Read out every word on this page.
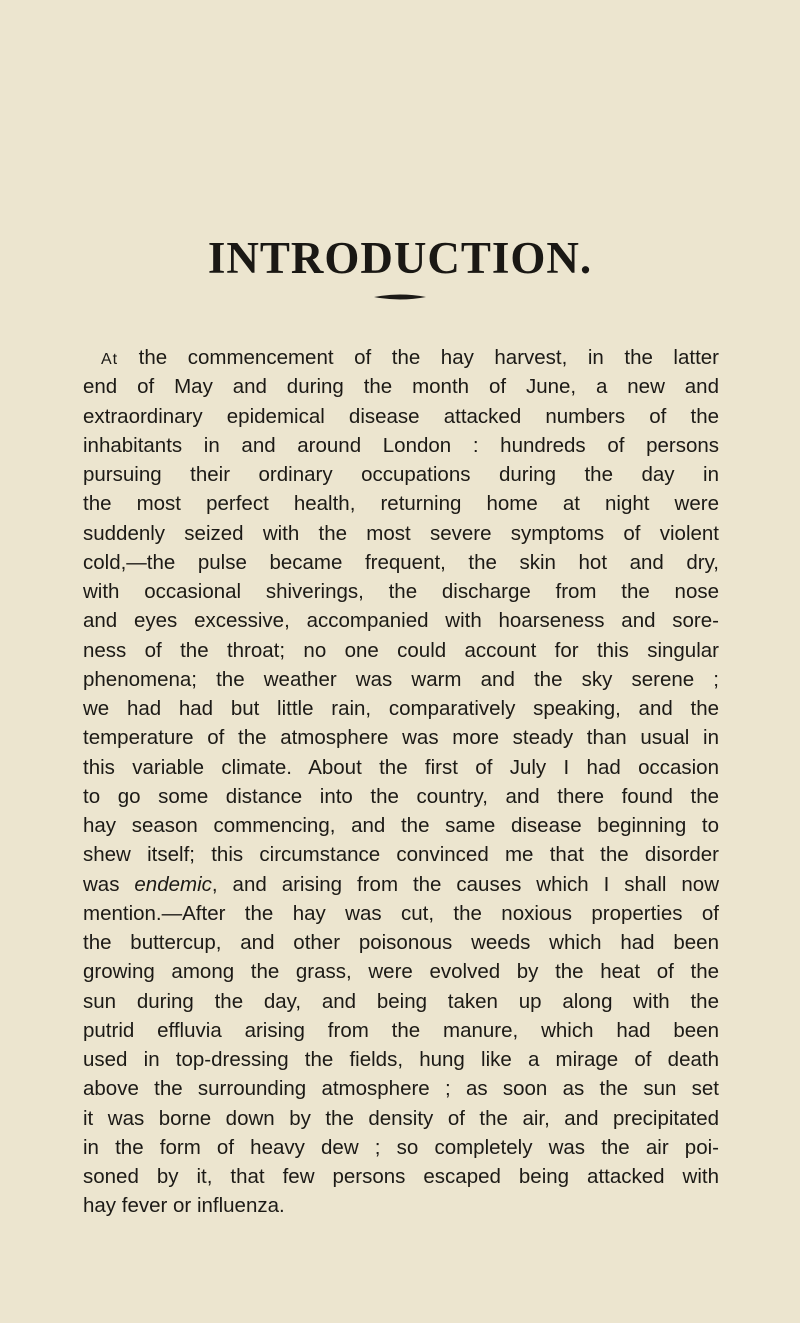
INTRODUCTION.
At the commencement of the hay harvest, in the latter
end of May and during the month of June, a new and
extraordinary epidemical disease attacked numbers of the
inhabitants in and around London : hundreds of persons
pursuing their ordinary occupations during the day in
the most perfect health, returning home at night were
suddenly seized with the most severe symptoms of violent
cold,—the pulse became frequent, the skin hot and dry,
with occasional shiverings, the discharge from the nose
and eyes excessive, accompanied with hoarseness and sore-
ness of the throat; no one could account for this singular
phenomena; the weather was warm and the sky serene ;
we had had but little rain, comparatively speaking, and the
temperature of the atmosphere was more steady than usual in
this variable climate. About the first of July I had occasion
to go some distance into the country, and there found the
hay season commencing, and the same disease beginning to
shew itself; this circumstance convinced me that the disorder
was endemic, and arising from the causes which I shall now
mention.—After the hay was cut, the noxious properties of
the buttercup, and other poisonous weeds which had been
growing among the grass, were evolved by the heat of the
sun during the day, and being taken up along with the
putrid effluvia arising from the manure, which had been
used in top-dressing the fields, hung like a mirage of death
above the surrounding atmosphere ; as soon as the sun set
it was borne down by the density of the air, and precipitated
in the form of heavy dew ; so completely was the air poi-
soned by it, that few persons escaped being attacked with
hay fever or influenza.
